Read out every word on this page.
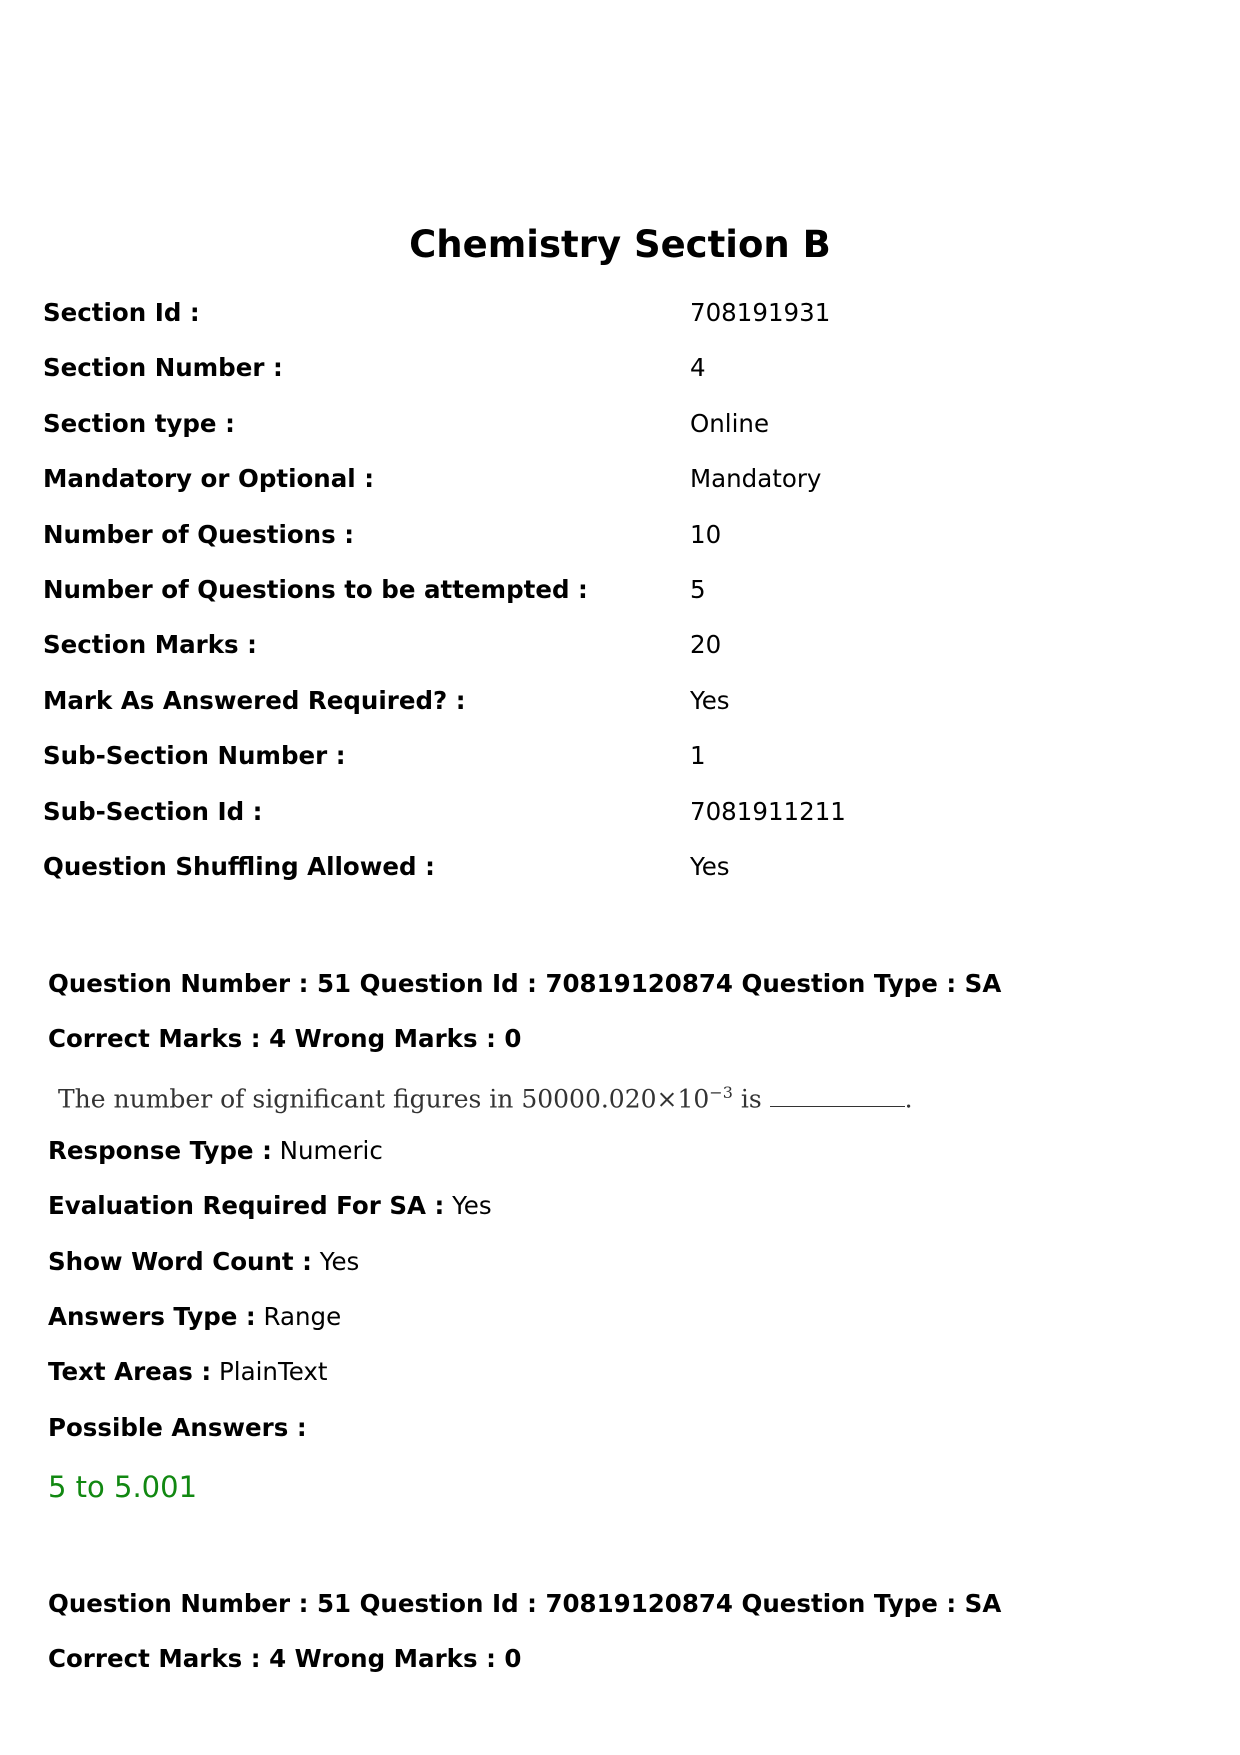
Chemistry Section B
Section Id :	708191931
Section Number :	4
Section type :	Online
Mandatory or Optional :	Mandatory
Number of Questions :	10
Number of Questions to be attempted :	5
Section Marks :	20
Mark As Answered Required? :	Yes
Sub-Section Number :	1
Sub-Section Id :	7081911211
Question Shuffling Allowed :	Yes
Question Number : 51 Question Id : 70819120874 Question Type : SA
Correct Marks : 4 Wrong Marks : 0
The number of significant figures in $50000.020\times 10^{-3}$ is	.
Response Type : Numeric
Evaluation Required For SA : Yes
Show Word Count : Yes
Answers Type : Range
Text Areas : PlainText
Possible Answers :
5 to 5.001
Question Number : 51 Question Id : 70819120874 Question Type : SA
Correct Marks : 4 Wrong Marks : 0
